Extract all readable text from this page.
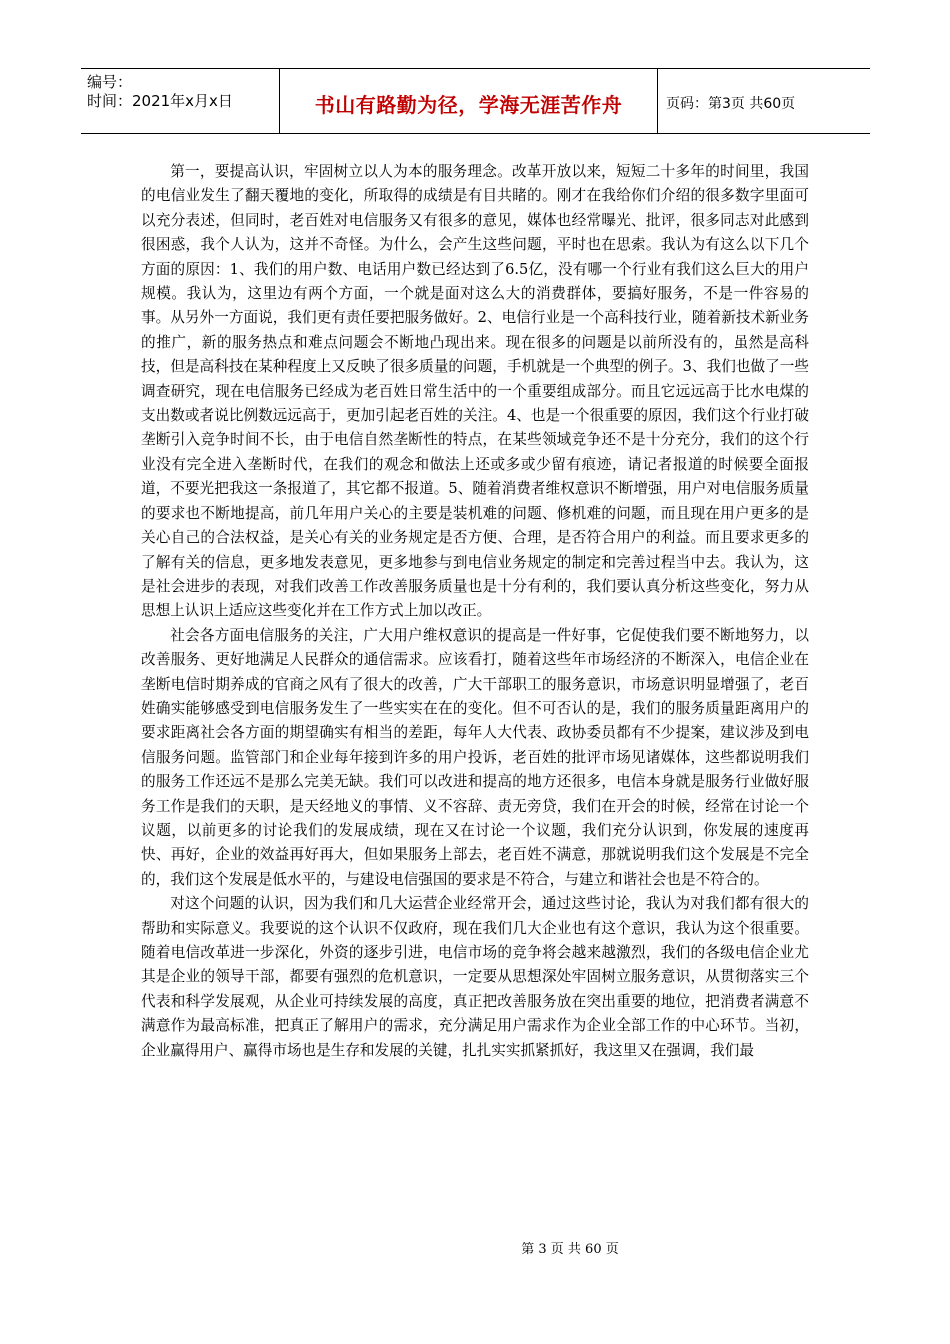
编号：
时间：2021年x月x日	书山有路勤为径，学海无涯苦作舟	页码：第3页 共60页

第一，要提高认识，牢固树立以人为本的服务理念。改革开放以来，短短二十多年的时间里，我国的电信业发生了翻天覆地的变化，所取得的成绩是有目共睹的。刚才在我给你们介绍的很多数字里面可以充分表述，但同时，老百姓对电信服务又有很多的意见，媒体也经常曝光、批评，很多同志对此感到很困惑，我个人认为，这并不奇怪。为什么，会产生这些问题，平时也在思索。我认为有这么以下几个方面的原因：1、我们的用户数、电话用户数已经达到了6.5亿，没有哪一个行业有我们这么巨大的用户规模。我认为，这里边有两个方面，一个就是面对这么大的消费群体，要搞好服务，不是一件容易的事。从另外一方面说，我们更有责任要把服务做好。2、电信行业是一个高科技行业，随着新技术新业务的推广，新的服务热点和难点问题会不断地凸现出来。现在很多的问题是以前所没有的，虽然是高科技，但是高科技在某种程度上又反映了很多质量的问题，手机就是一个典型的例子。3、我们也做了一些调查研究，现在电信服务已经成为老百姓日常生活中的一个重要组成部分。而且它远远高于比水电煤的支出数或者说比例数远远高于，更加引起老百姓的关注。4、也是一个很重要的原因，我们这个行业打破垄断引入竞争时间不长，由于电信自然垄断性的特点，在某些领域竞争还不是十分充分，我们的这个行业没有完全进入垄断时代，在我们的观念和做法上还或多或少留有痕迹，请记者报道的时候要全面报道，不要光把我这一条报道了，其它都不报道。5、随着消费者维权意识不断增强，用户对电信服务质量的要求也不断地提高，前几年用户关心的主要是装机难的问题、修机难的问题，而且现在用户更多的是关心自己的合法权益，是关心有关的业务规定是否方便、合理，是否符合用户的利益。而且要求更多的了解有关的信息，更多地发表意见，更多地参与到电信业务规定的制定和完善过程当中去。我认为，这是社会进步的表现，对我们改善工作改善服务质量也是十分有利的，我们要认真分析这些变化，努力从思想上认识上适应这些变化并在工作方式上加以改正。

社会各方面电信服务的关注，广大用户维权意识的提高是一件好事，它促使我们要不断地努力，以改善服务、更好地满足人民群众的通信需求。应该看打，随着这些年市场经济的不断深入，电信企业在垄断电信时期养成的官商之风有了很大的改善，广大干部职工的服务意识，市场意识明显增强了，老百姓确实能够感受到电信服务发生了一些实实在在的变化。但不可否认的是，我们的服务质量距离用户的要求距离社会各方面的期望确实有相当的差距，每年人大代表、政协委员都有不少提案，建议涉及到电信服务问题。监管部门和企业每年接到许多的用户投诉，老百姓的批评市场见诸媒体，这些都说明我们的服务工作还远不是那么完美无缺。我们可以改进和提高的地方还很多，电信本身就是服务行业做好服务工作是我们的天职，是天经地义的事情、义不容辞、责无旁贷，我们在开会的时候，经常在讨论一个议题，以前更多的讨论我们的发展成绩，现在又在讨论一个议题，我们充分认识到，你发展的速度再快、再好，企业的效益再好再大，但如果服务上部去，老百姓不满意，那就说明我们这个发展是不完全的，我们这个发展是低水平的，与建设电信强国的要求是不符合，与建立和谐社会也是不符合的。

对这个问题的认识，因为我们和几大运营企业经常开会，通过这些讨论，我认为对我们都有很大的帮助和实际意义。我要说的这个认识不仅政府，现在我们几大企业也有这个意识，我认为这个很重要。随着电信改革进一步深化，外资的逐步引进，电信市场的竞争将会越来越激烈，我们的各级电信企业尤其是企业的领导干部，都要有强烈的危机意识，一定要从思想深处牢固树立服务意识，从贯彻落实三个代表和科学发展观，从企业可持续发展的高度，真正把改善服务放在突出重要的地位，把消费者满意不满意作为最高标准，把真正了解用户的需求，充分满足用户需求作为企业全部工作的中心环节。当初，企业赢得用户、赢得市场也是生存和发展的关键，扎扎实实抓紧抓好，我这里又在强调，我们最

第 3 页 共 60 页
